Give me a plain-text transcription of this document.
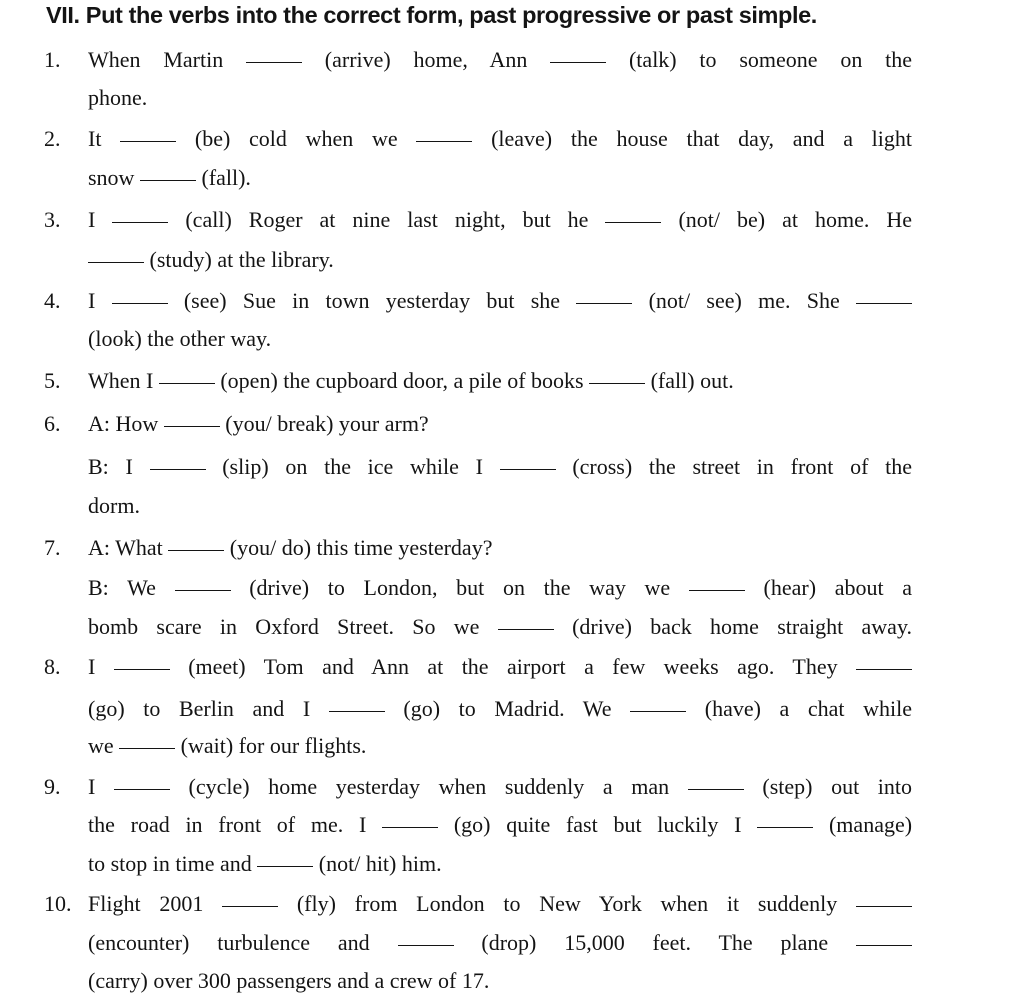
VII. Put the verbs into the correct form, past progressive or past simple.
1.	When Martin	(arrive) home, Ann	(talk) to someone on the
phone.
2.	It	(be) cold when we	(leave) the house that day, and a light
snow	(fall).
3.	I	(call) Roger at nine last night, but he	(not/ be) at home. He
(study) at the library.
4.	I	(see) Sue in town yesterday but she	(not/ see) me. She
(look) the other way.
5.	When I	(open) the cupboard door, a pile of books	(fall) out.
6.	A: How	(you/ break) your arm?
B: I	(slip) on the ice while I	(cross) the street in front of the
dorm.
7.	A: What	(you/ do) this time yesterday?
B: We	(drive) to London, but on the way we	(hear) about a
bomb scare in Oxford Street. So we	(drive) back home straight away.
8.	I	(meet) Tom and Ann at the airport a few weeks ago. They
(go) to Berlin and I	(go) to Madrid. We	(have) a chat while
we	(wait) for our flights.
9.	I	(cycle) home yesterday when suddenly a man	(step) out into
the road in front of me. I	(go) quite fast but luckily I	(manage)
to stop in time and	(not/ hit) him.
10. Flight 2001	(fly) from London to New York when it suddenly
(encounter) turbulence and	(drop) 15,000 feet. The plane
(carry) over 300 passengers and a crew of 17.
